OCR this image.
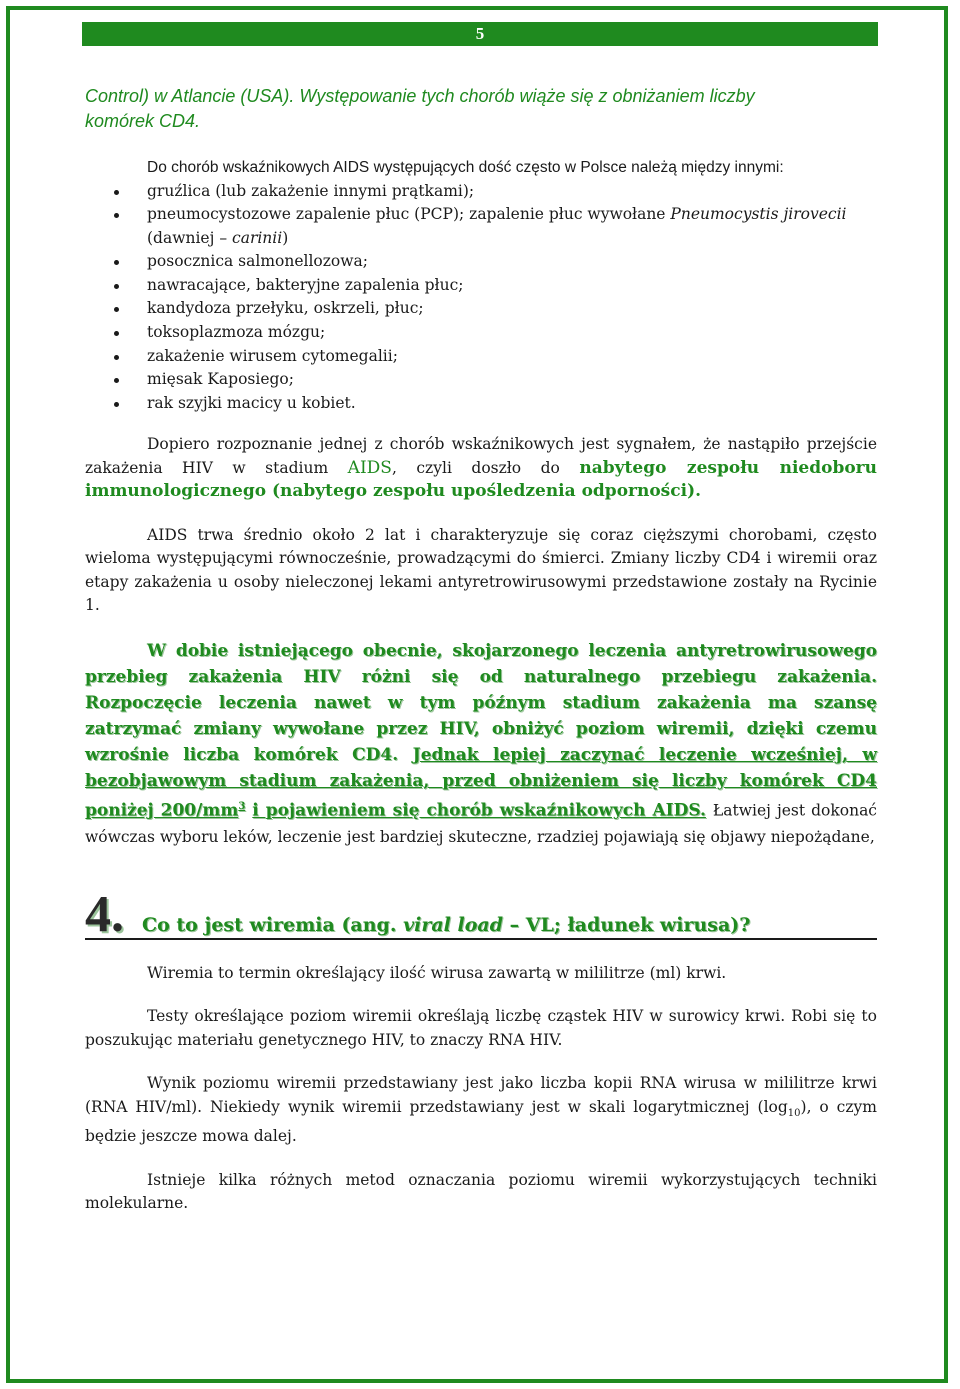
5
Control) w Atlancie (USA). Występowanie tych chorób wiąże się z obniżaniem liczby
komórek CD4.

Do chorób wskaźnikowych AIDS występujących dość często w Polsce należą między innymi:

gruźlica (lub zakażenie innymi prątkami);
pneumocystozowe zapalenie płuc (PCP); zapalenie płuc wywołane Pneumocystis jirovecii
(dawniej – carinii)
posocznica salmonellozowa;
nawracające, bakteryjne zapalenia płuc;
kandydoza przełyku, oskrzeli, płuc;
toksoplazmoza mózgu;
zakażenie wirusem cytomegalii;
mięsak Kaposiego;
rak szyjki macicy u kobiet.

Dopiero rozpoznanie jednej z chorób wskaźnikowych jest sygnałem, że nastąpiło przejście zakażenia HIV w stadium AIDS, czyli doszło do nabytego zespołu niedoboru immunologicznego (nabytego zespołu upośledzenia odporności).

AIDS trwa średnio około 2 lat i charakteryzuje się coraz cięższymi chorobami, często wieloma występującymi równocześnie, prowadzącymi do śmierci. Zmiany liczby CD4 i wiremii oraz etapy zakażenia u osoby nieleczonej lekami antyretrowirusowymi przedstawione zostały na Rycinie 1.

W dobie istniejącego obecnie, skojarzonego leczenia antyretrowirusowego przebieg zakażenia HIV różni się od naturalnego przebiegu zakażenia. Rozpoczęcie leczenia nawet w tym późnym stadium zakażenia ma szansę zatrzymać zmiany wywołane przez HIV, obniżyć poziom wiremii, dzięki czemu wzrośnie liczba komórek CD4. Jednak lepiej zaczynać leczenie wcześniej, w bezobjawowym stadium zakażenia, przed obniżeniem się liczby komórek CD4 poniżej $200/mm^3$ i pojawieniem się chorób wskaźnikowych AIDS. Łatwiej jest dokonać wówczas wyboru leków, leczenie jest bardziej skuteczne, rzadziej pojawiają się objawy niepożądane,
4. Co to jest wiremia (ang. viral load – VL; ładunek wirusa)?

Wiremia to termin określający ilość wirusa zawartą w mililitrze (ml) krwi.

Testy określające poziom wiremii określają liczbę cząstek HIV w surowicy krwi. Robi się to poszukując materiału genetycznego HIV, to znaczy RNA HIV.

Wynik poziomu wiremii przedstawiany jest jako liczba kopii RNA wirusa w mililitrze krwi (RNA HIV/ml). Niekiedy wynik wiremii przedstawiany jest w skali logarytmicznej $(\log_{10})$, o czym będzie jeszcze mowa dalej.

Istnieje kilka różnych metod oznaczania poziomu wiremii wykorzystujących techniki molekularne.
